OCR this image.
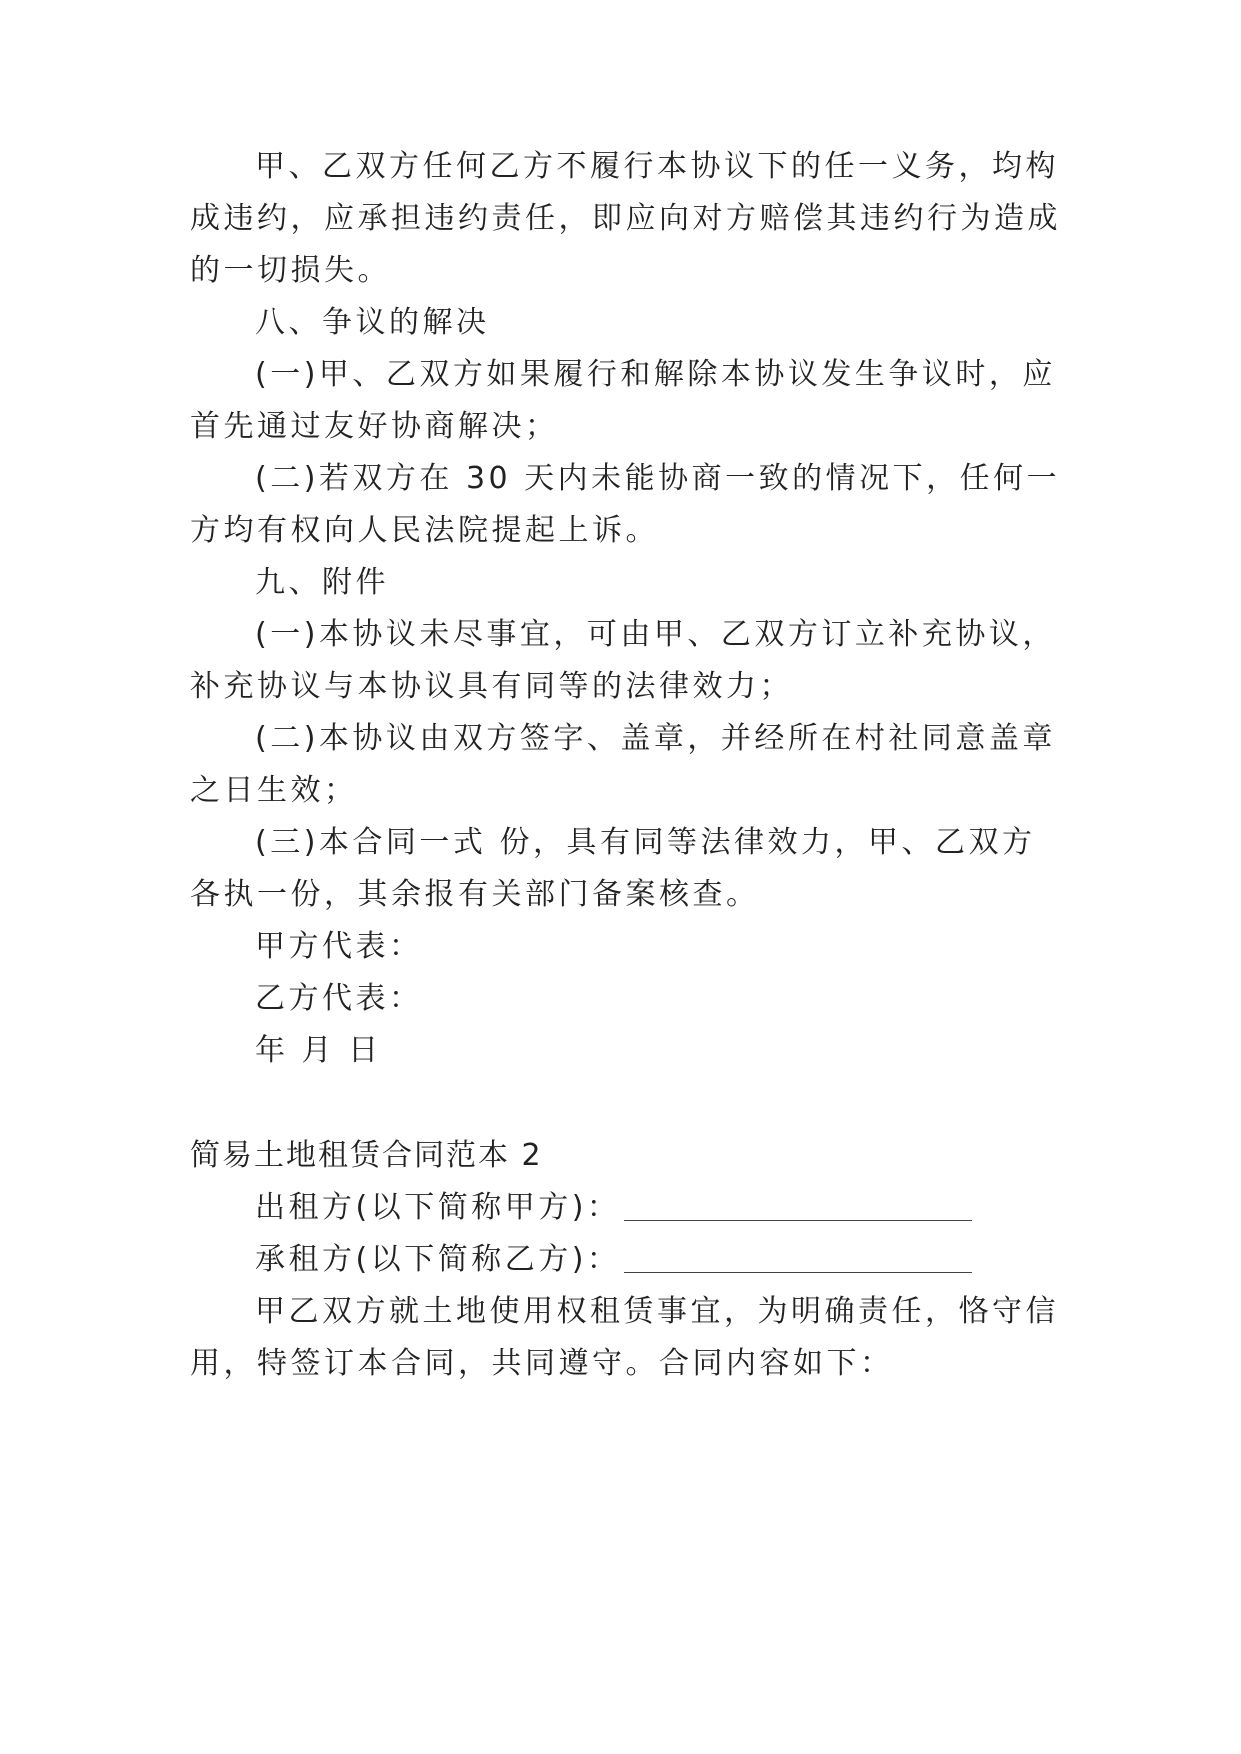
甲、乙双方任何乙方不履行本协议下的任一义务，均构
成违约，应承担违约责任，即应向对方赔偿其违约行为造成
的一切损失。
八、争议的解决
(一)甲、乙双方如果履行和解除本协议发生争议时，应
首先通过友好协商解决；
(二)若双方在 30 天内未能协商一致的情况下，任何一
方均有权向人民法院提起上诉。
九、附件
(一)本协议未尽事宜，可由甲、乙双方订立补充协议，
补充协议与本协议具有同等的法律效力；
(二)本协议由双方签字、盖章，并经所在村社同意盖章
之日生效；
(三)本合同一式 份，具有同等法律效力，甲、乙双方
各执一份，其余报有关部门备案核查。
甲方代表：
乙方代表：
年 月 日
简易土地租赁合同范本 2
出租方(以下简称甲方)：
承租方(以下简称乙方)：
甲乙双方就土地使用权租赁事宜，为明确责任，恪守信
用，特签订本合同，共同遵守。合同内容如下：
